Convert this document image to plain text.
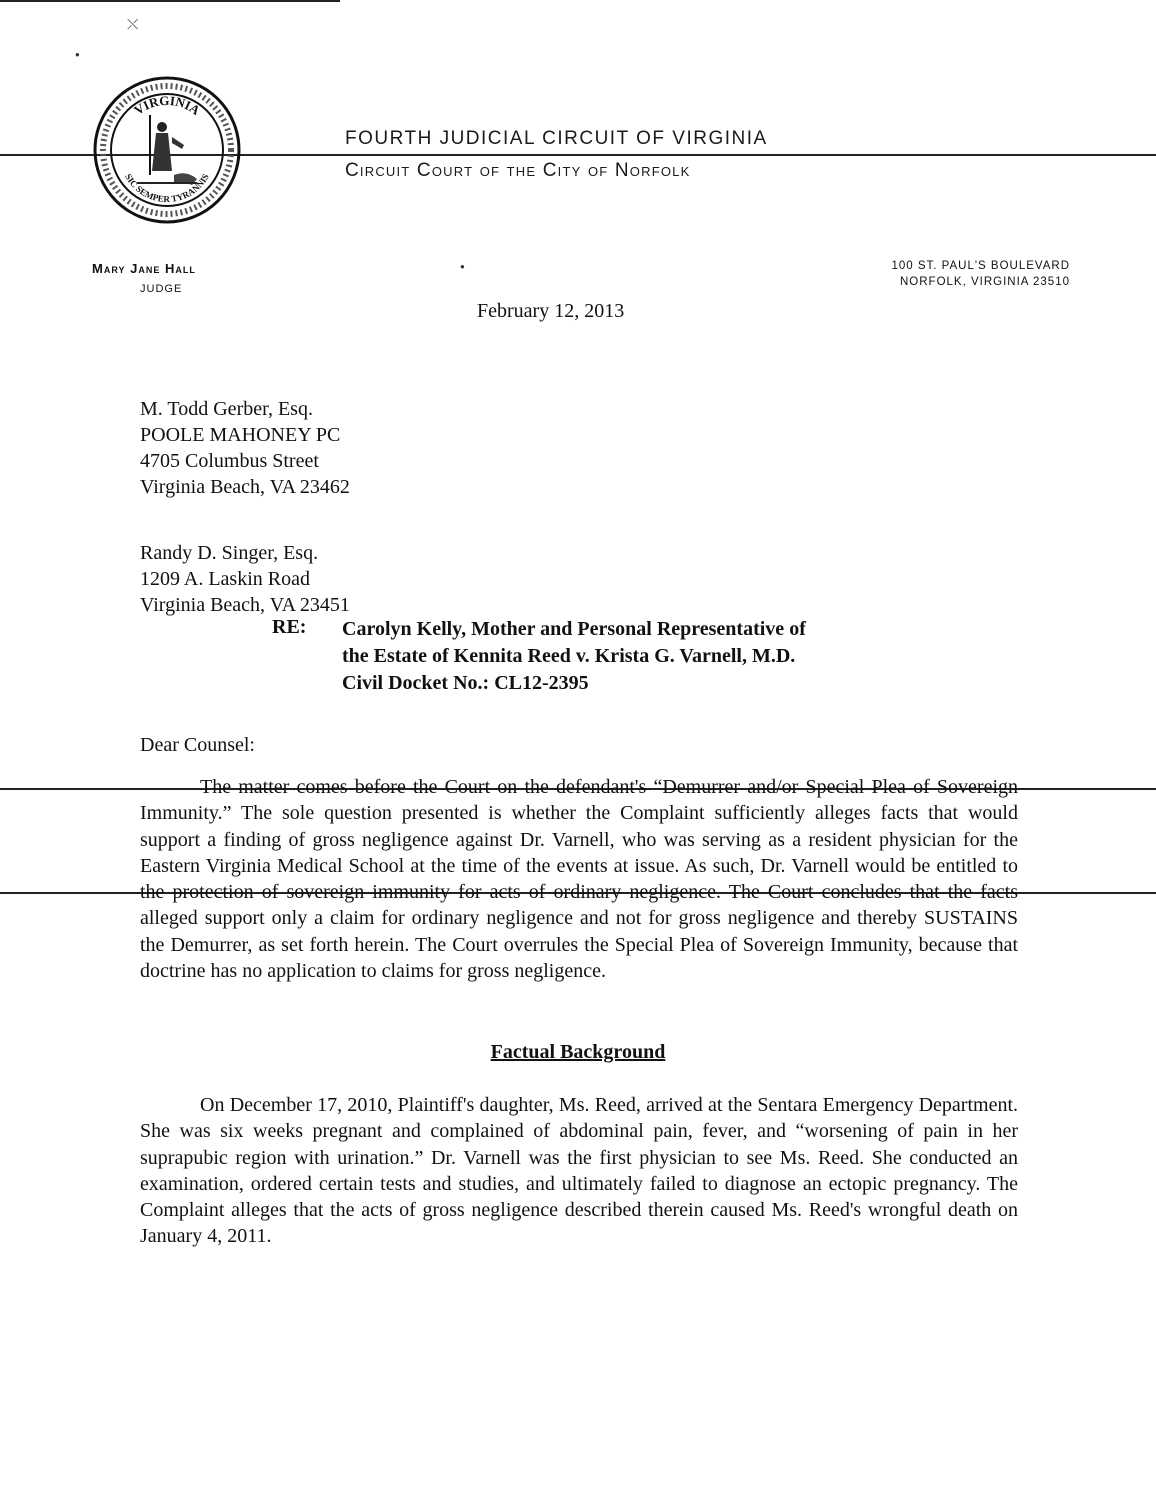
⤬
●
●
VIRGINIA
SIC SEMPER TYRANNIS
FOURTH JUDICIAL CIRCUIT OF VIRGINIA
Circuit Court of the City of Norfolk
Mary Jane Hall
JUDGE
100 ST. PAUL'S BOULEVARD
NORFOLK, VIRGINIA 23510
February 12, 2013
M. Todd Gerber, Esq.
POOLE MAHONEY PC
4705 Columbus Street
Virginia Beach, VA 23462
Randy D. Singer, Esq.
1209 A. Laskin Road
Virginia Beach, VA 23451
RE: Carolyn Kelly, Mother and Personal Representative of
the Estate of Kennita Reed v. Krista G. Varnell, M.D.
Civil Docket No.: CL12-2395
Dear Counsel:
The matter comes before the Court on the defendant's “Demurrer and/or Special Plea of Sovereign Immunity.” The sole question presented is whether the Complaint sufficiently alleges facts that would support a finding of gross negligence against Dr. Varnell, who was serving as a resident physician for the Eastern Virginia Medical School at the time of the events at issue. As such, Dr. Varnell would be entitled to the protection of sovereign immunity for acts of ordinary negligence. The Court concludes that the facts alleged support only a claim for ordinary negligence and not for gross negligence and thereby SUSTAINS the Demurrer, as set forth herein. The Court overrules the Special Plea of Sovereign Immunity, because that doctrine has no application to claims for gross negligence.
Factual Background
On December 17, 2010, Plaintiff's daughter, Ms. Reed, arrived at the Sentara Emergency Department. She was six weeks pregnant and complained of abdominal pain, fever, and “worsening of pain in her suprapubic region with urination.” Dr. Varnell was the first physician to see Ms. Reed. She conducted an examination, ordered certain tests and studies, and ultimately failed to diagnose an ectopic pregnancy. The Complaint alleges that the acts of gross negligence described therein caused Ms. Reed's wrongful death on January 4, 2011.
